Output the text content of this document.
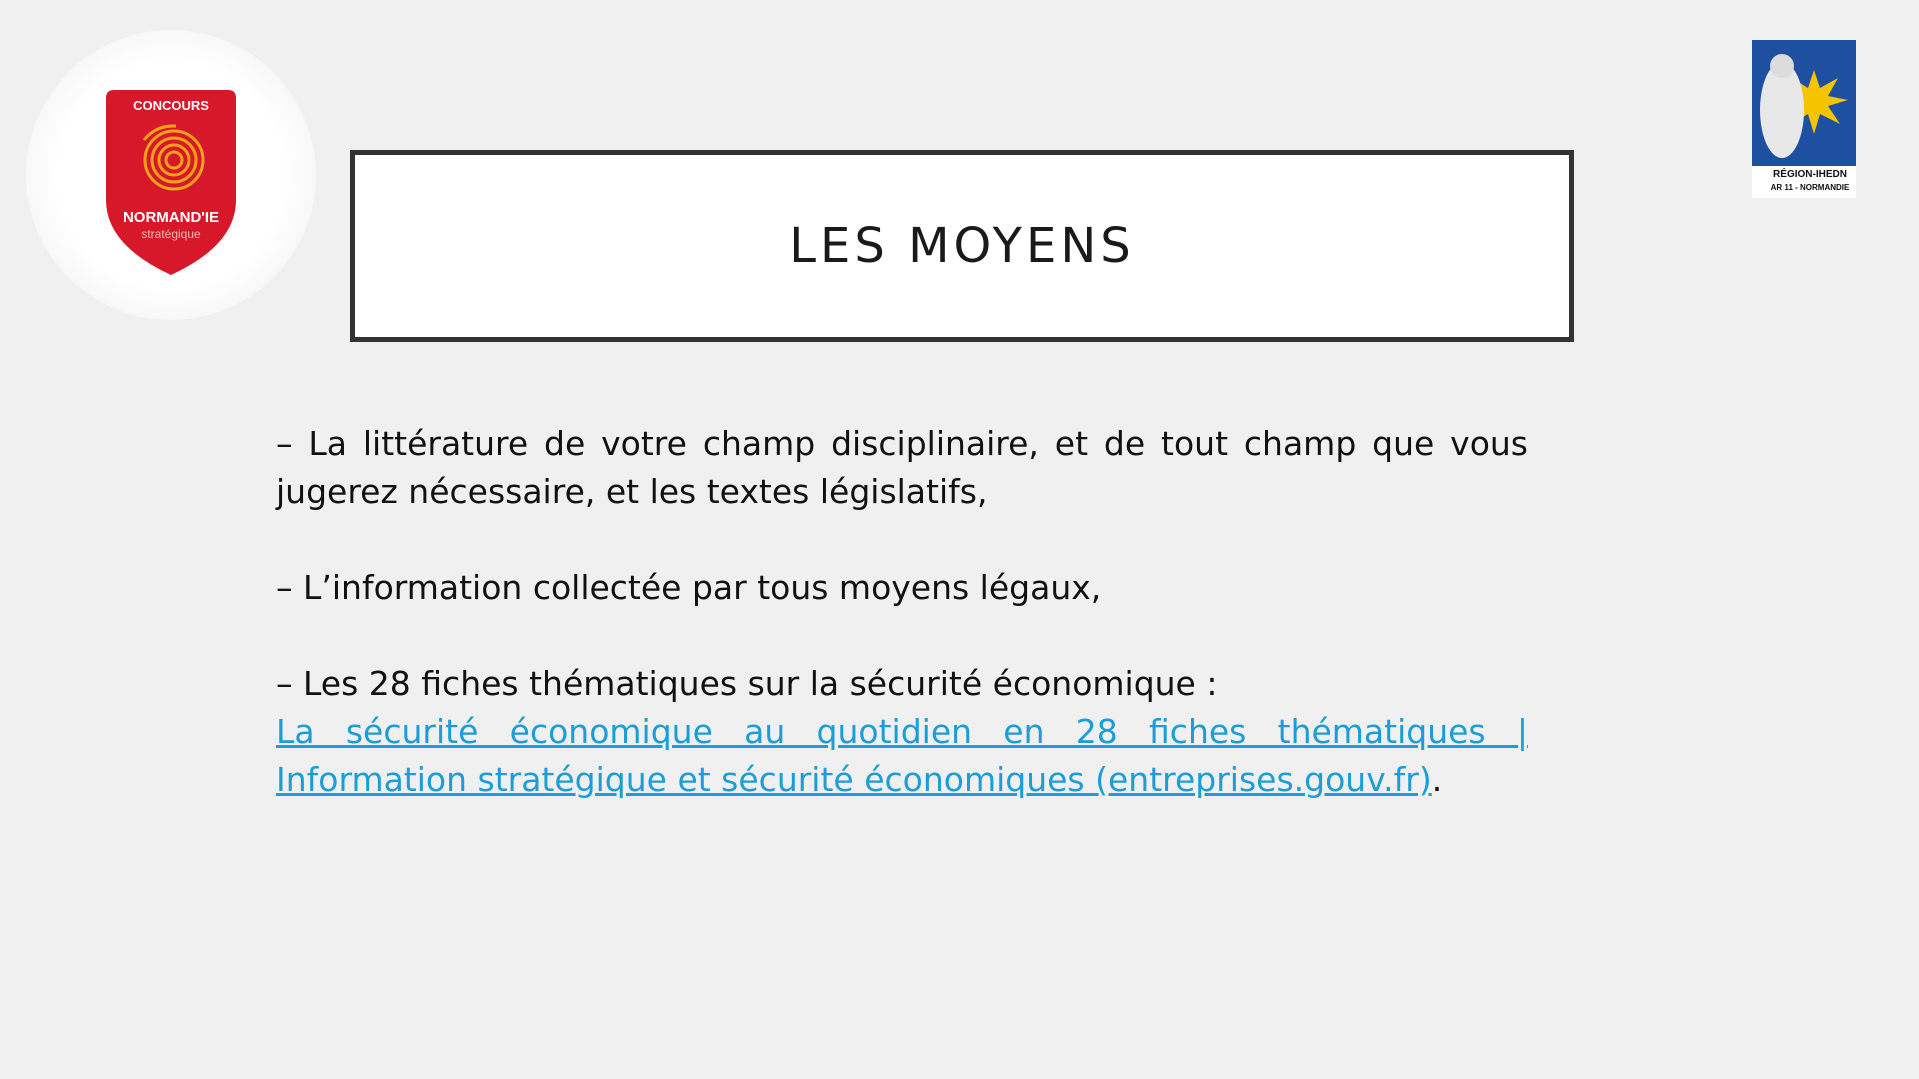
CONCOURS
NORMAND'IE
stratégique
RÉGION-IHEDN
AR 11 - NORMANDIE
LES MOYENS

– La littérature de votre champ disciplinaire, et de tout champ que vous jugerez nécessaire, et les textes législatifs,

– L’information collectée par tous moyens légaux,

– Les 28 fiches thématiques sur la sécurité économique :
La sécurité économique au quotidien en 28 fiches thématiques | Information stratégique et sécurité économiques (entreprises.gouv.fr).
